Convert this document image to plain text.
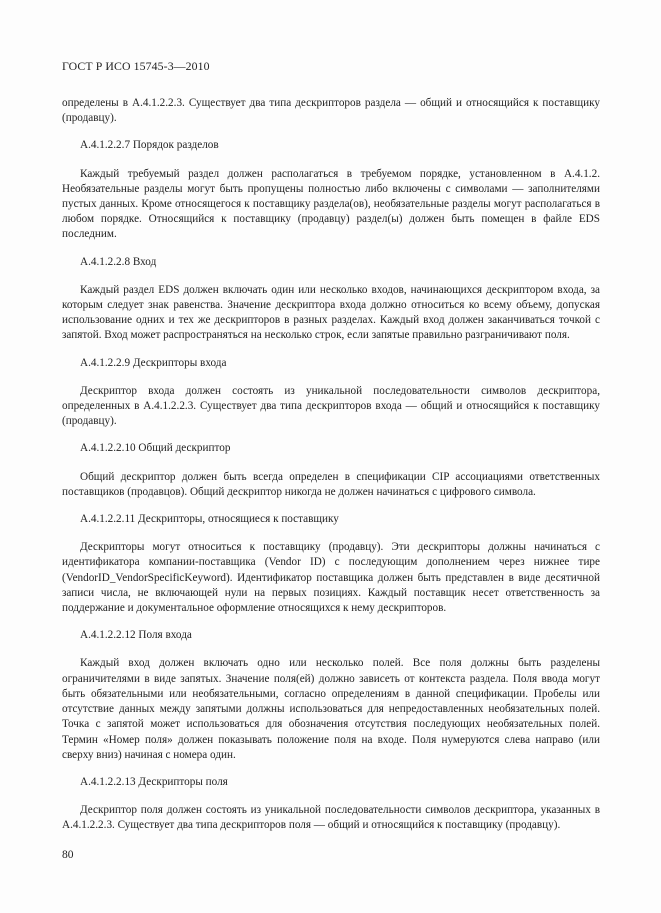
ГОСТ Р ИСО 15745-3—2010

определены в А.4.1.2.2.3. Существует два типа дескрипторов раздела — общий и относящийся к поставщику (продавцу).

А.4.1.2.2.7 Порядок разделов

Каждый требуемый раздел должен располагаться в требуемом порядке, установленном в А.4.1.2. Необязательные разделы могут быть пропущены полностью либо включены с символами — заполнителями пустых данных. Кроме относящегося к поставщику раздела(ов), необязательные разделы могут располагаться в любом порядке. Относящийся к поставщику (продавцу) раздел(ы) должен быть помещен в файле EDS последним.

А.4.1.2.2.8 Вход

Каждый раздел EDS должен включать один или несколько входов, начинающихся дескриптором входа, за которым следует знак равенства. Значение дескриптора входа должно относиться ко всему объему, допуская использование одних и тех же дескрипторов в разных разделах. Каждый вход должен заканчиваться точкой с запятой. Вход может распространяться на несколько строк, если запятые правильно разграничивают поля.

А.4.1.2.2.9 Дескрипторы входа

Дескриптор входа должен состоять из уникальной последовательности символов дескриптора, определенных в А.4.1.2.2.3. Существует два типа дескрипторов входа — общий и относящийся к поставщику (продавцу).

А.4.1.2.2.10 Общий дескриптор

Общий дескриптор должен быть всегда определен в спецификации CIP ассоциациями ответственных поставщиков (продавцов). Общий дескриптор никогда не должен начинаться с цифрового символа.

А.4.1.2.2.11 Дескрипторы, относящиеся к поставщику

Дескрипторы могут относиться к поставщику (продавцу). Эти дескрипторы должны начинаться с идентификатора компании-поставщика (Vendor ID) с последующим дополнением через нижнее тире (VendorID_VendorSpecificKeyword). Идентификатор поставщика должен быть представлен в виде десятичной записи числа, не включающей нули на первых позициях. Каждый поставщик несет ответственность за поддержание и документальное оформление относящихся к нему дескрипторов.

А.4.1.2.2.12 Поля входа

Каждый вход должен включать одно или несколько полей. Все поля должны быть разделены ограничителями в виде запятых. Значение поля(ей) должно зависеть от контекста раздела. Поля ввода могут быть обязательными или необязательными, согласно определениям в данной спецификации. Пробелы или отсутствие данных между запятыми должны использоваться для непредоставленных необязательных полей. Точка с запятой может использоваться для обозначения отсутствия последующих необязательных полей. Термин «Номер поля» должен показывать положение поля на входе. Поля нумеруются слева направо (или сверху вниз) начиная с номера один.

А.4.1.2.2.13 Дескрипторы поля

Дескриптор поля должен состоять из уникальной последовательности символов дескриптора, указанных в А.4.1.2.2.3. Существует два типа дескрипторов поля — общий и относящийся к поставщику (продавцу).

80
